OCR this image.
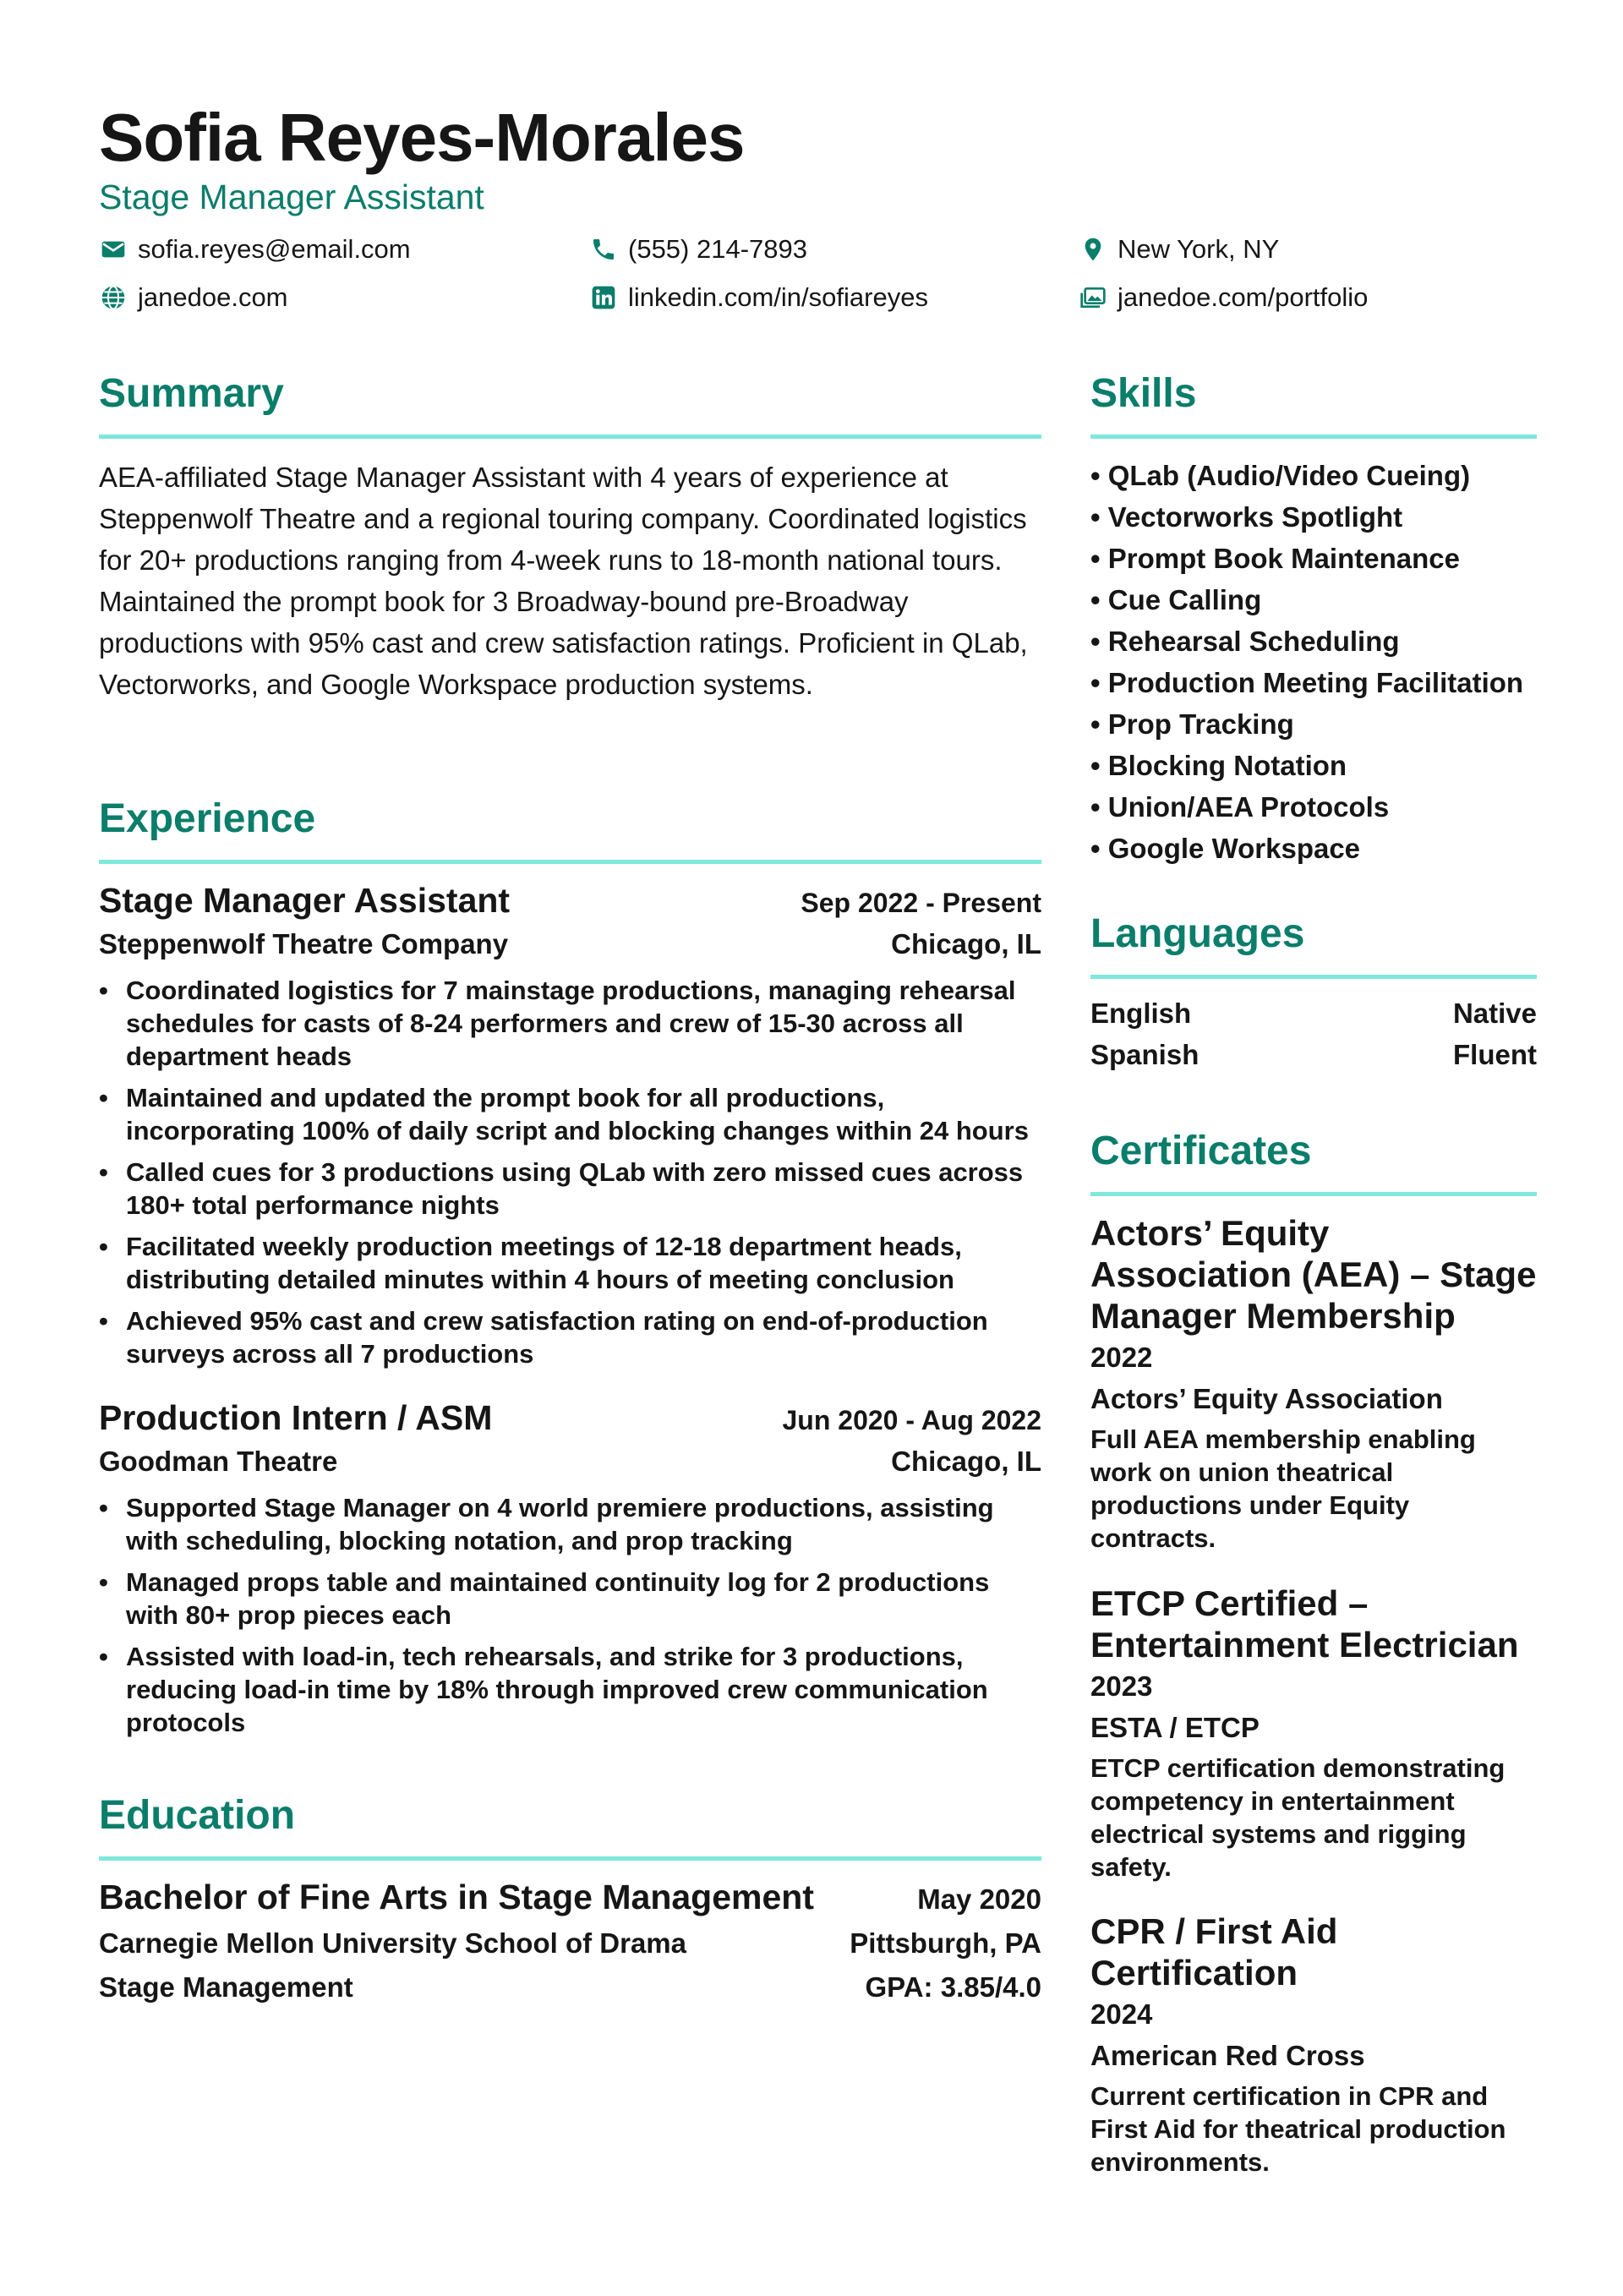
Sofia Reyes-Morales
Stage Manager Assistant
sofia.reyes@email.com	(555) 214-7893	New York, NY
janedoe.com	linkedin.com/in/sofiareyes	janedoe.com/portfolio
Summary
AEA-affiliated Stage Manager Assistant with 4 years of experience at Steppenwolf Theatre and a regional touring company. Coordinated logistics for 20+ productions ranging from 4-week runs to 18-month national tours. Maintained the prompt book for 3 Broadway-bound pre-Broadway productions with 95% cast and crew satisfaction ratings. Proficient in QLab, Vectorworks, and Google Workspace production systems.
Experience
Stage Manager Assistant	Sep 2022 - Present
Steppenwolf Theatre Company	Chicago, IL
• Coordinated logistics for 7 mainstage productions, managing rehearsal schedules for casts of 8-24 performers and crew of 15-30 across all department heads
• Maintained and updated the prompt book for all productions, incorporating 100% of daily script and blocking changes within 24 hours
• Called cues for 3 productions using QLab with zero missed cues across 180+ total performance nights
• Facilitated weekly production meetings of 12-18 department heads, distributing detailed minutes within 4 hours of meeting conclusion
• Achieved 95% cast and crew satisfaction rating on end-of-production surveys across all 7 productions
Production Intern / ASM	Jun 2020 - Aug 2022
Goodman Theatre	Chicago, IL
• Supported Stage Manager on 4 world premiere productions, assisting with scheduling, blocking notation, and prop tracking
• Managed props table and maintained continuity log for 2 productions with 80+ prop pieces each
• Assisted with load-in, tech rehearsals, and strike for 3 productions, reducing load-in time by 18% through improved crew communication protocols
Education
Bachelor of Fine Arts in Stage Management	May 2020
Carnegie Mellon University School of Drama	Pittsburgh, PA
Stage Management	GPA: 3.85/4.0
Skills
• QLab (Audio/Video Cueing)
• Vectorworks Spotlight
• Prompt Book Maintenance
• Cue Calling
• Rehearsal Scheduling
• Production Meeting Facilitation
• Prop Tracking
• Blocking Notation
• Union/AEA Protocols
• Google Workspace
Languages
English	Native
Spanish	Fluent
Certificates
Actors’ Equity Association (AEA) – Stage Manager Membership
2022
Actors’ Equity Association
Full AEA membership enabling work on union theatrical productions under Equity contracts.
ETCP Certified – Entertainment Electrician
2023
ESTA / ETCP
ETCP certification demonstrating competency in entertainment electrical systems and rigging safety.
CPR / First Aid Certification
2024
American Red Cross
Current certification in CPR and First Aid for theatrical production environments.
